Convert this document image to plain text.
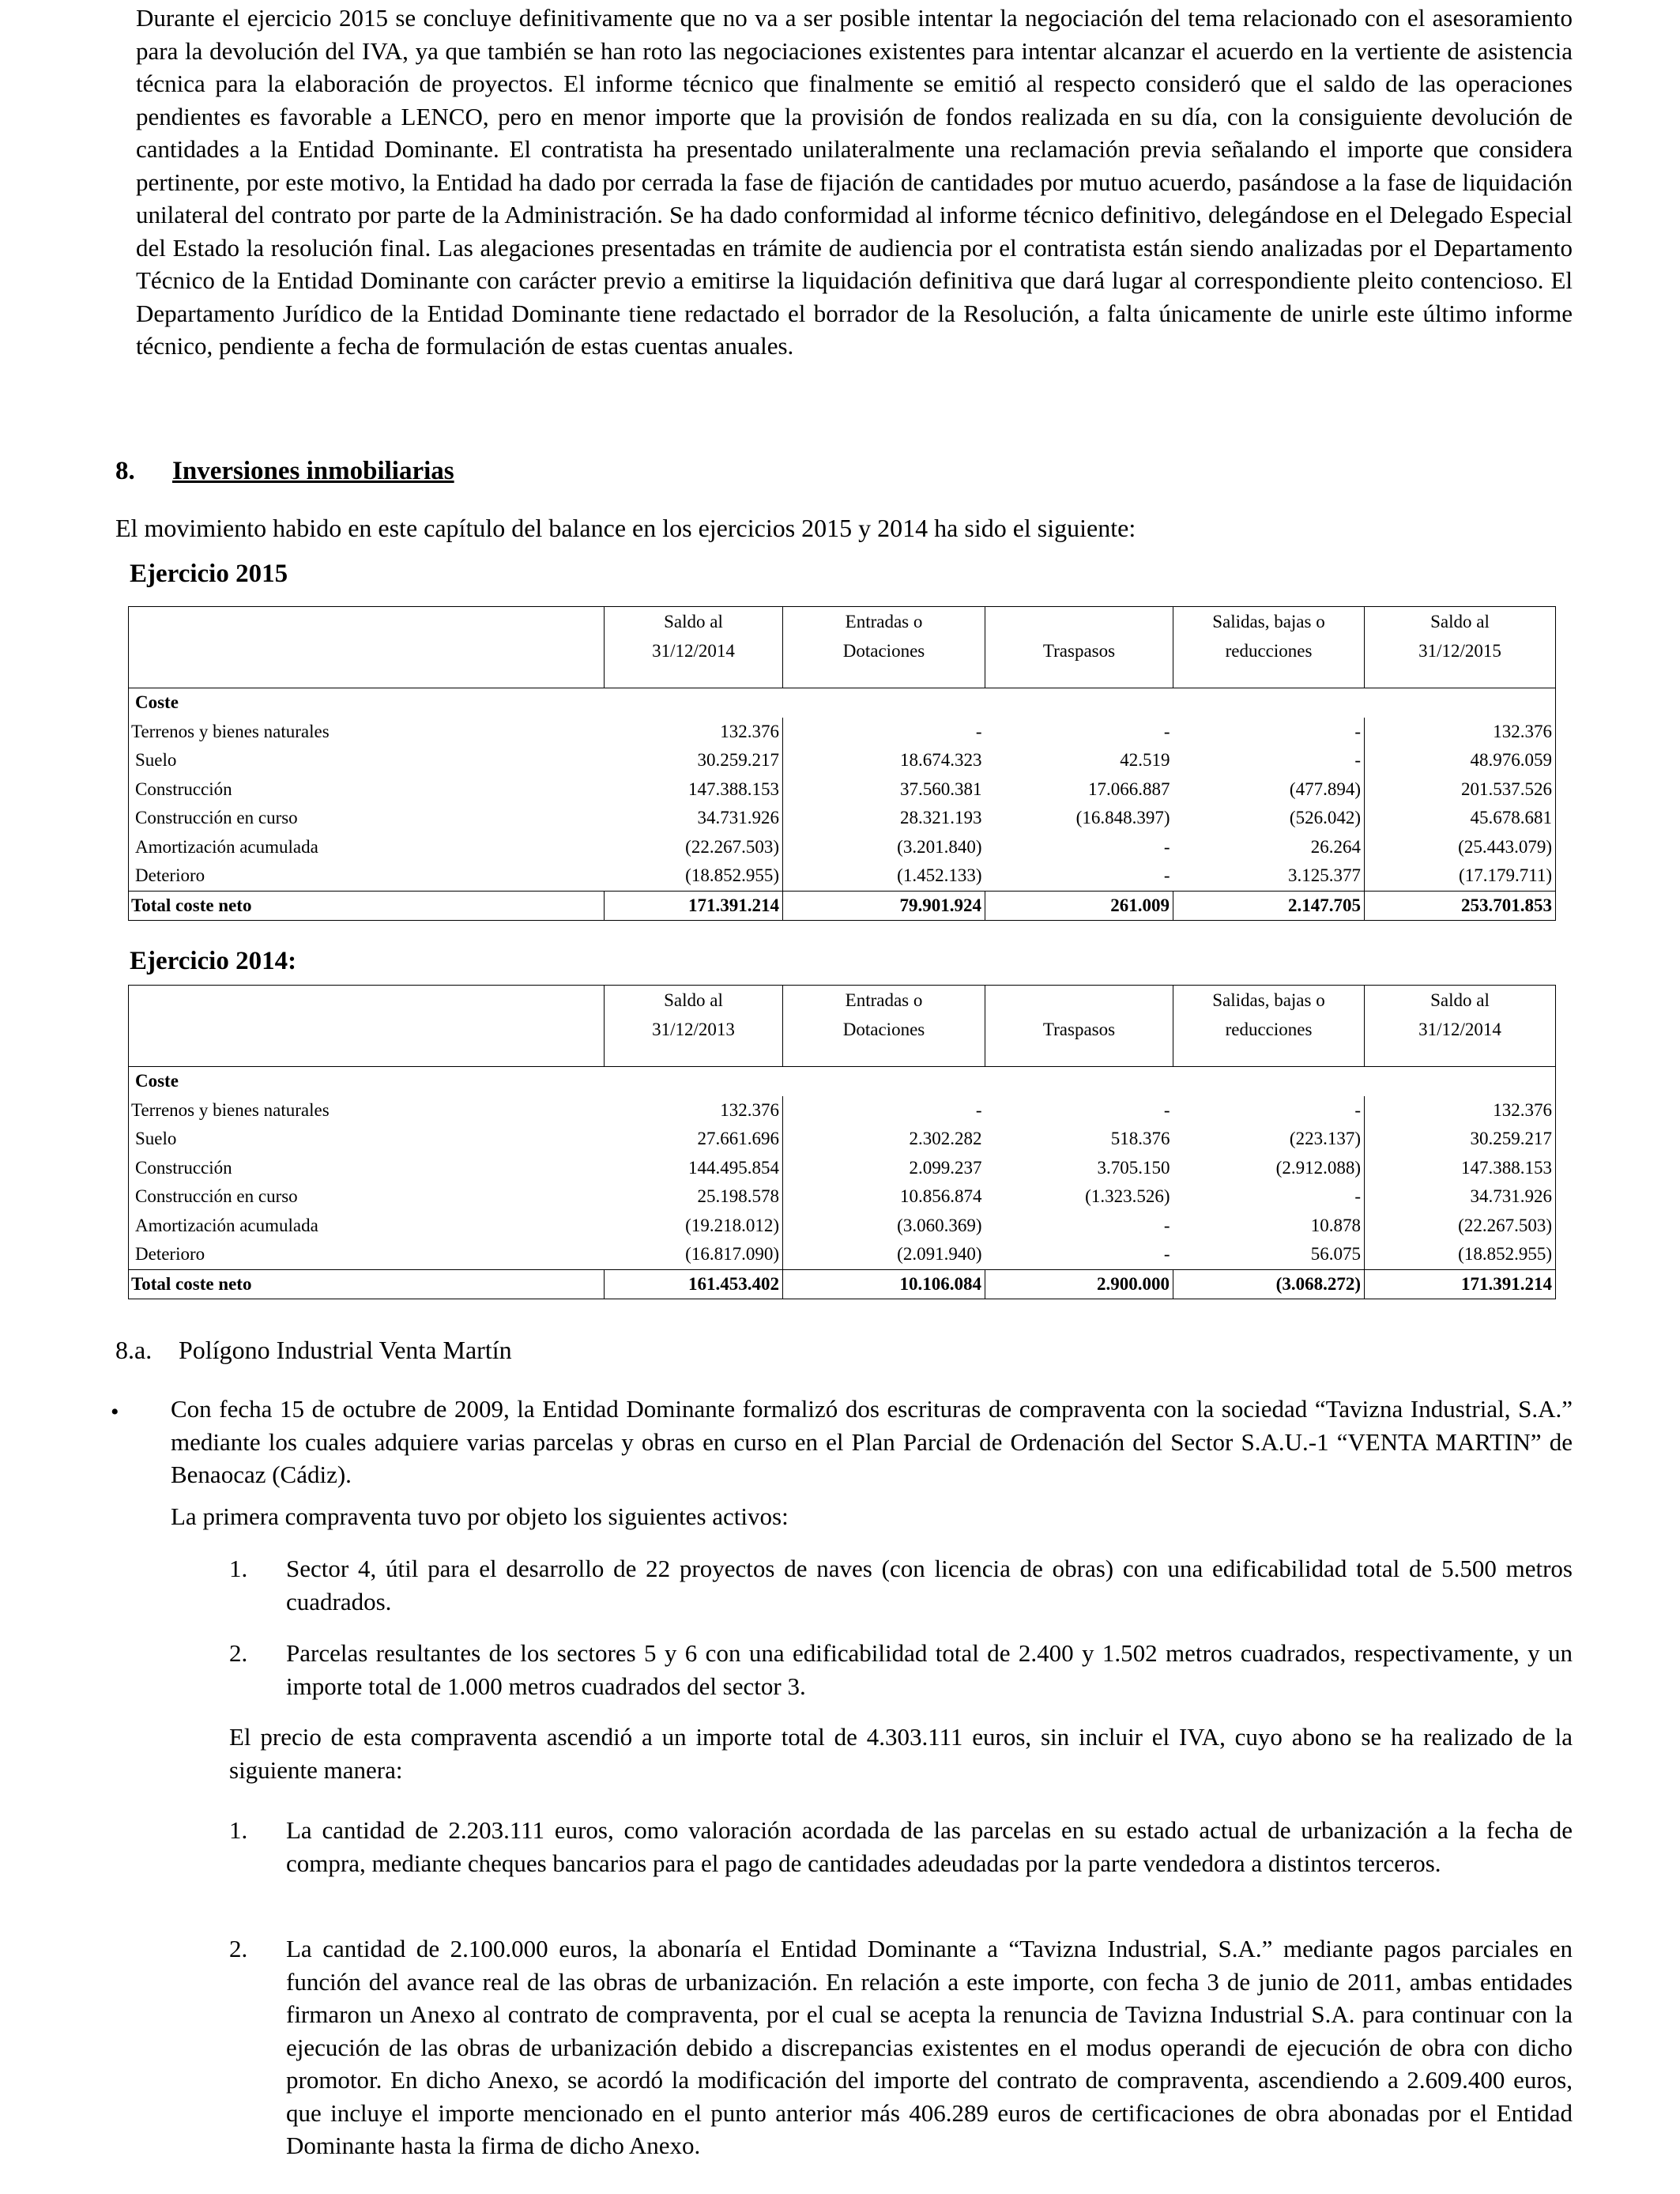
Durante el ejercicio 2015 se concluye definitivamente que no va a ser posible intentar la negociación del tema relacionado con el asesoramiento para la devolución del IVA, ya que también se han roto las negociaciones existentes para intentar alcanzar el acuerdo en la vertiente de asistencia técnica para la elaboración de proyectos. El informe técnico que finalmente se emitió al respecto consideró que el saldo de las operaciones pendientes es favorable a LENCO, pero en menor importe que la provisión de fondos realizada en su día, con la consiguiente devolución de cantidades a la Entidad Dominante. El contratista ha presentado unilateralmente una reclamación previa señalando el importe que considera pertinente, por este motivo, la Entidad ha dado por cerrada la fase de fijación de cantidades por mutuo acuerdo, pasándose a la fase de liquidación unilateral del contrato por parte de la Administración. Se ha dado conformidad al informe técnico definitivo, delegándose en el Delegado Especial del Estado la resolución final. Las alegaciones presentadas en trámite de audiencia por el contratista están siendo analizadas por el Departamento Técnico de la Entidad Dominante con carácter previo a emitirse la liquidación definitiva que dará lugar al correspondiente pleito contencioso. El Departamento Jurídico de la Entidad Dominante tiene redactado el borrador de la Resolución, a falta únicamente de unirle este último informe técnico, pendiente a fecha de formulación de estas cuentas anuales.

8. Inversiones inmobiliarias

El movimiento habido en este capítulo del balance en los ejercicios 2015 y 2014 ha sido el siguiente:

Ejercicio 2015
	Saldo al	Entradas o		Salidas, bajas o	Saldo al
	31/12/2014	Dotaciones	Traspasos	reducciones	31/12/2015

Coste					
Terrenos y bienes naturales	132.376	-	-	-	132.376
Suelo	30.259.217	18.674.323	42.519	-	48.976.059
Construcción	147.388.153	37.560.381	17.066.887	(477.894)	201.537.526
Construcción en curso	34.731.926	28.321.193	(16.848.397)	(526.042)	45.678.681
Amortización acumulada	(22.267.503)	(3.201.840)	-	26.264	(25.443.079)
Deterioro	(18.852.955)	(1.452.133)	-	3.125.377	(17.179.711)
Total coste neto	171.391.214	79.901.924	261.009	2.147.705	253.701.853
Ejercicio 2014:
	Saldo al	Entradas o		Salidas, bajas o	Saldo al
	31/12/2013	Dotaciones	Traspasos	reducciones	31/12/2014

Coste					
Terrenos y bienes naturales	132.376	-	-	-	132.376
Suelo	27.661.696	2.302.282	518.376	(223.137)	30.259.217
Construcción	144.495.854	2.099.237	3.705.150	(2.912.088)	147.388.153
Construcción en curso	25.198.578	10.856.874	(1.323.526)	-	34.731.926
Amortización acumulada	(19.218.012)	(3.060.369)	-	10.878	(22.267.503)
Deterioro	(16.817.090)	(2.091.940)	-	56.075	(18.852.955)
Total coste neto	161.453.402	10.106.084	2.900.000	(3.068.272)	171.391.214
8.a. Polígono Industrial Venta Martín
• Con fecha 15 de octubre de 2009, la Entidad Dominante formalizó dos escrituras de compraventa con la sociedad “Tavizna Industrial, S.A.” mediante los cuales adquiere varias parcelas y obras en curso en el Plan Parcial de Ordenación del Sector S.A.U.-1 “VENTA MARTIN” de Benaocaz (Cádiz).

La primera compraventa tuvo por objeto los siguientes activos:

1. Sector 4, útil para el desarrollo de 22 proyectos de naves (con licencia de obras) con una edificabilidad total de 5.500 metros cuadrados.

2. Parcelas resultantes de los sectores 5 y 6 con una edificabilidad total de 2.400 y 1.502 metros cuadrados, respectivamente, y un importe total de 1.000 metros cuadrados del sector 3.

El precio de esta compraventa ascendió a un importe total de 4.303.111 euros, sin incluir el IVA, cuyo abono se ha realizado de la siguiente manera:

1. La cantidad de 2.203.111 euros, como valoración acordada de las parcelas en su estado actual de urbanización a la fecha de compra, mediante cheques bancarios para el pago de cantidades adeudadas por la parte vendedora a distintos terceros.

2. La cantidad de 2.100.000 euros, la abonaría el Entidad Dominante a “Tavizna Industrial, S.A.” mediante pagos parciales en función del avance real de las obras de urbanización. En relación a este importe, con fecha 3 de junio de 2011, ambas entidades firmaron un Anexo al contrato de compraventa, por el cual se acepta la renuncia de Tavizna Industrial S.A. para continuar con la ejecución de las obras de urbanización debido a discrepancias existentes en el modus operandi de ejecución de obra con dicho promotor. En dicho Anexo, se acordó la modificación del importe del contrato de compraventa, ascendiendo a 2.609.400 euros, que incluye el importe mencionado en el punto anterior más 406.289 euros de certificaciones de obra abonadas por el Entidad Dominante hasta la firma de dicho Anexo.
